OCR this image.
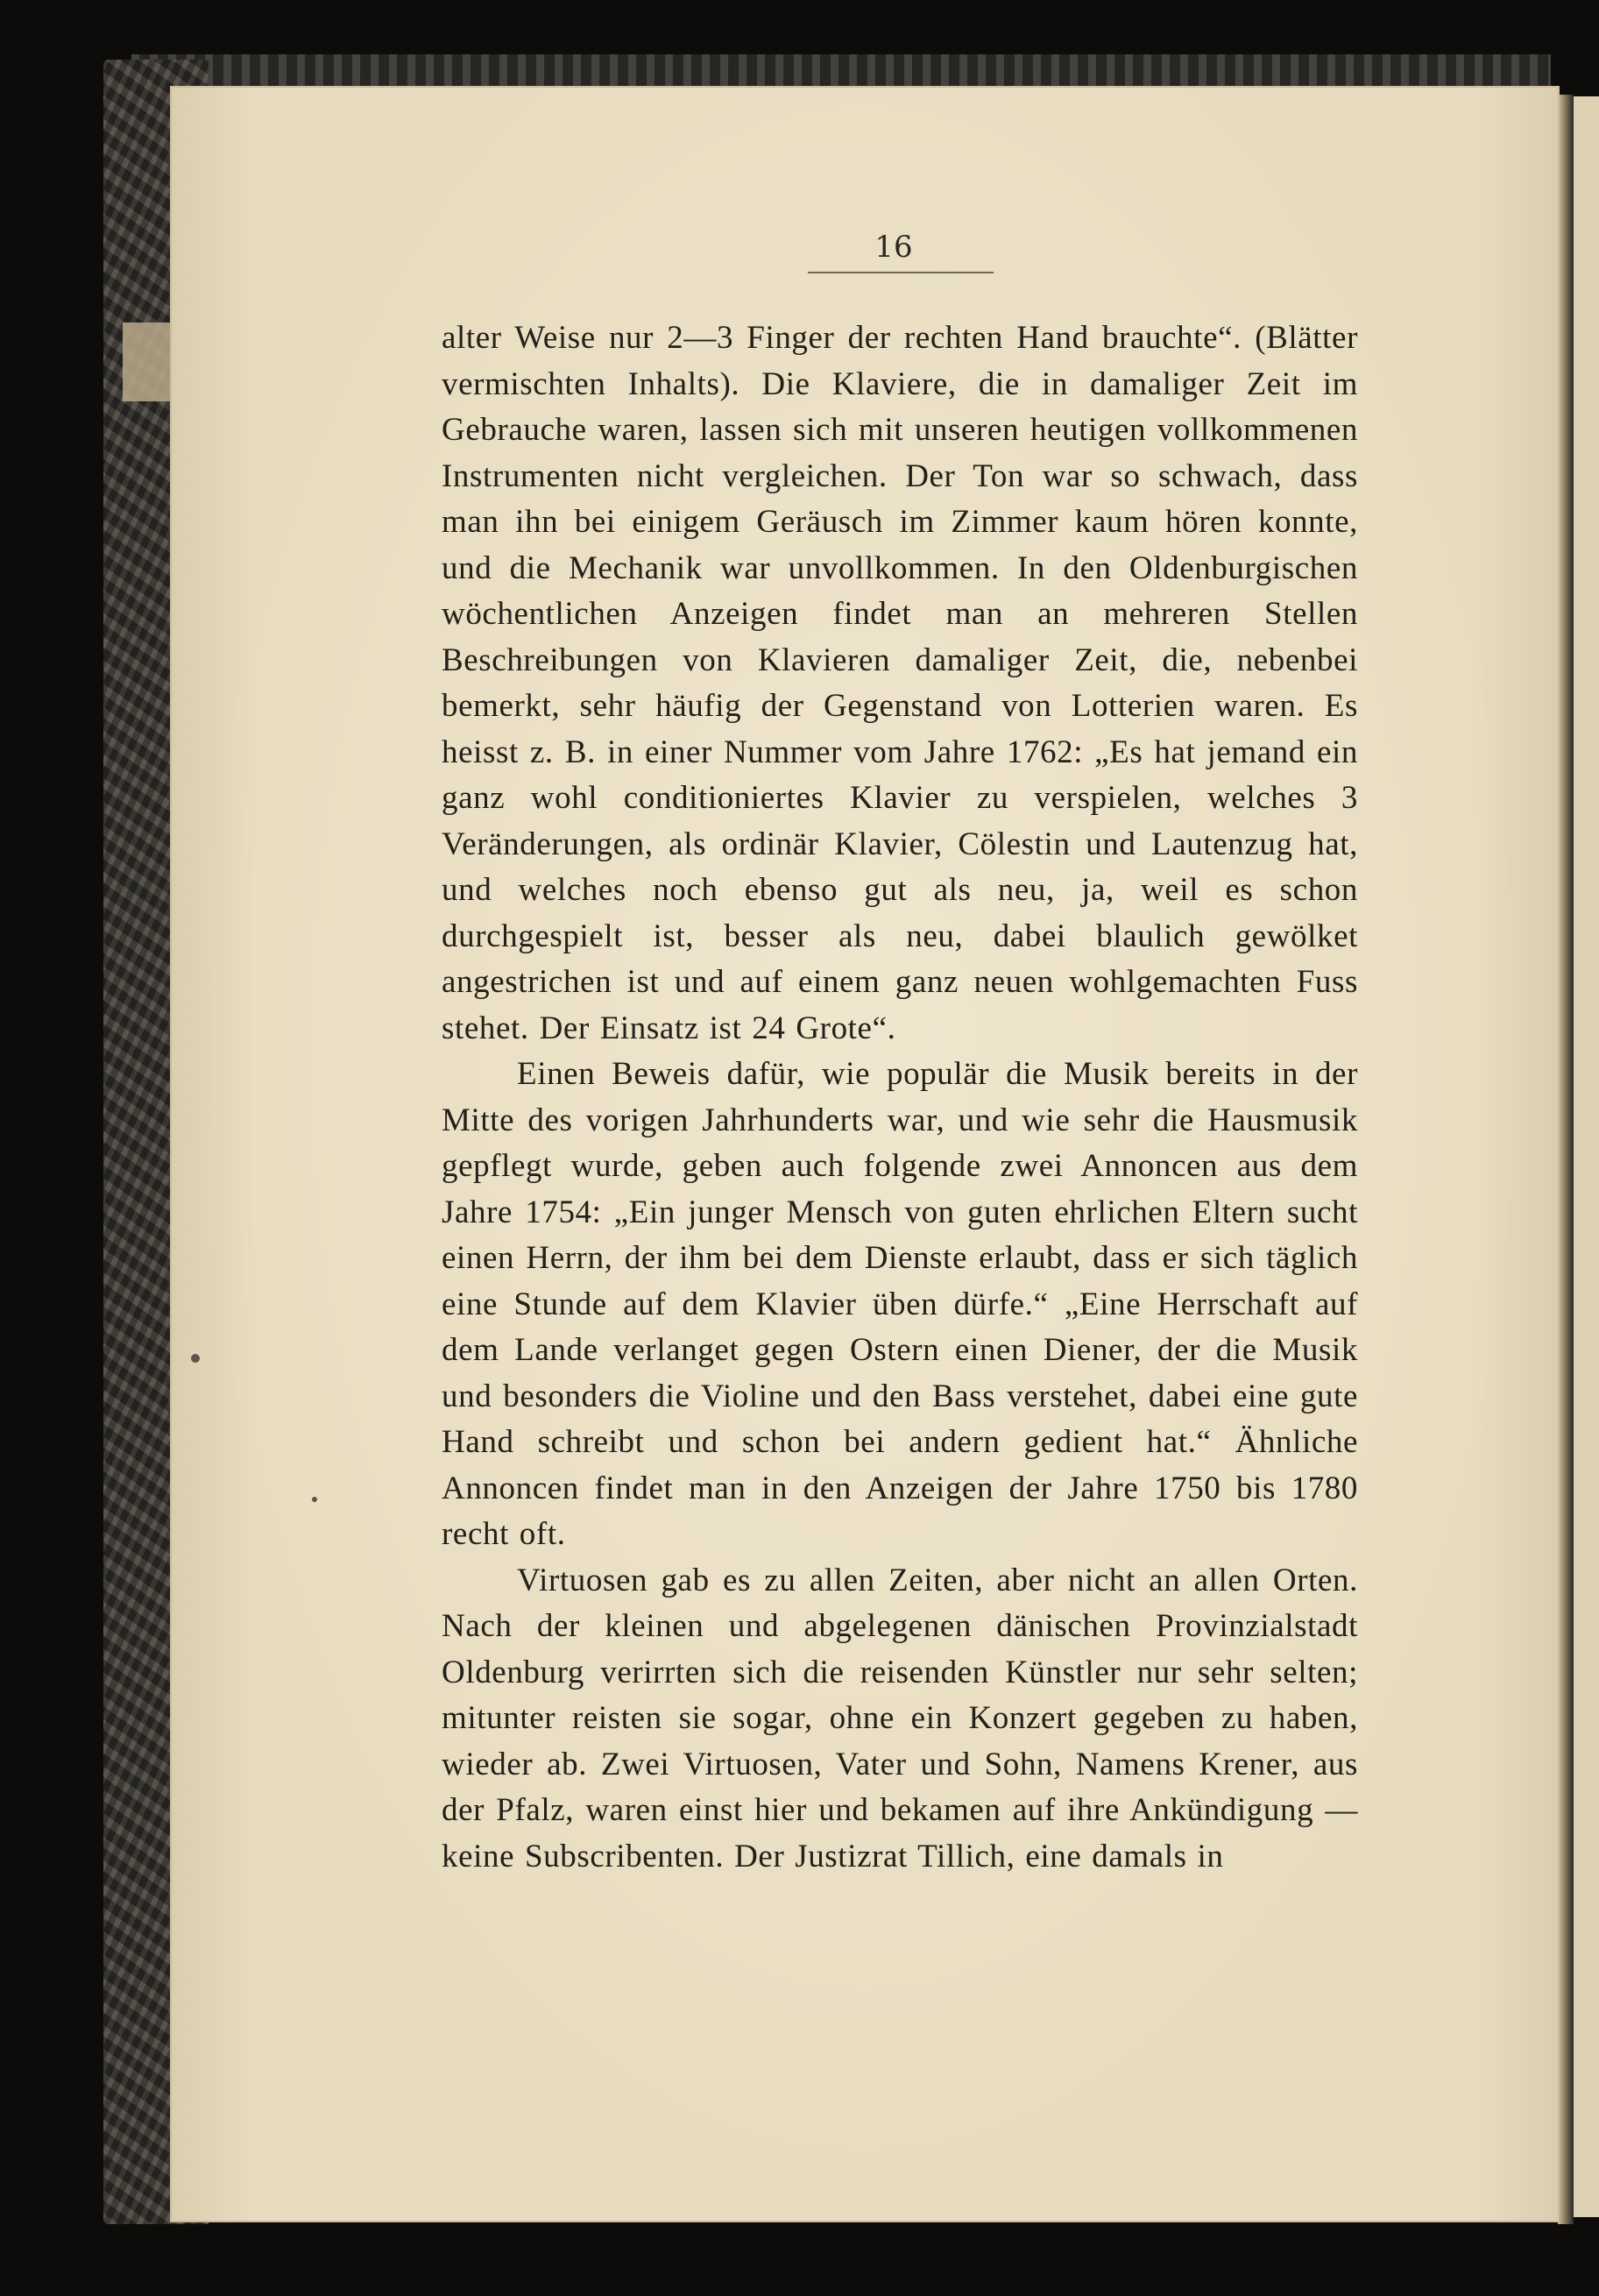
16

alter Weise nur 2—3 Finger der rechten Hand brauchte“. (Blätter vermischten Inhalts). Die Klaviere, die in damaliger Zeit im Gebrauche waren, lassen sich mit unseren heutigen vollkommenen Instrumenten nicht vergleichen. Der Ton war so schwach, dass man ihn bei einigem Geräusch im Zimmer kaum hören konnte, und die Mechanik war unvollkommen. In den Oldenburgischen wöchentlichen Anzeigen findet man an mehreren Stellen Beschreibungen von Klavieren damaliger Zeit, die, nebenbei bemerkt, sehr häufig der Gegenstand von Lotterien waren. Es heisst z. B. in einer Nummer vom Jahre 1762: „Es hat jemand ein ganz wohl conditioniertes Klavier zu verspielen, welches 3 Veränderungen, als ordinär Klavier, Cölestin und Lautenzug hat, und welches noch ebenso gut als neu, ja, weil es schon durchgespielt ist, besser als neu, dabei blaulich gewölket angestrichen ist und auf einem ganz neuen wohlgemachten Fuss stehet. Der Einsatz ist 24 Grote“.

Einen Beweis dafür, wie populär die Musik bereits in der Mitte des vorigen Jahrhunderts war, und wie sehr die Hausmusik gepflegt wurde, geben auch folgende zwei Annoncen aus dem Jahre 1754: „Ein junger Mensch von guten ehrlichen Eltern sucht einen Herrn, der ihm bei dem Dienste erlaubt, dass er sich täglich eine Stunde auf dem Klavier üben dürfe.“ „Eine Herrschaft auf dem Lande verlanget gegen Ostern einen Diener, der die Musik und besonders die Violine und den Bass verstehet, dabei eine gute Hand schreibt und schon bei andern gedient hat.“ Ähnliche Annoncen findet man in den Anzeigen der Jahre 1750 bis 1780 recht oft.

Virtuosen gab es zu allen Zeiten, aber nicht an allen Orten. Nach der kleinen und abgelegenen dänischen Provinzialstadt Oldenburg verirrten sich die reisenden Künstler nur sehr selten; mitunter reisten sie sogar, ohne ein Konzert gegeben zu haben, wieder ab. Zwei Virtuosen, Vater und Sohn, Namens Krener, aus der Pfalz, waren einst hier und bekamen auf ihre Ankündigung — keine Subscribenten. Der Justizrat Tillich, eine damals in
